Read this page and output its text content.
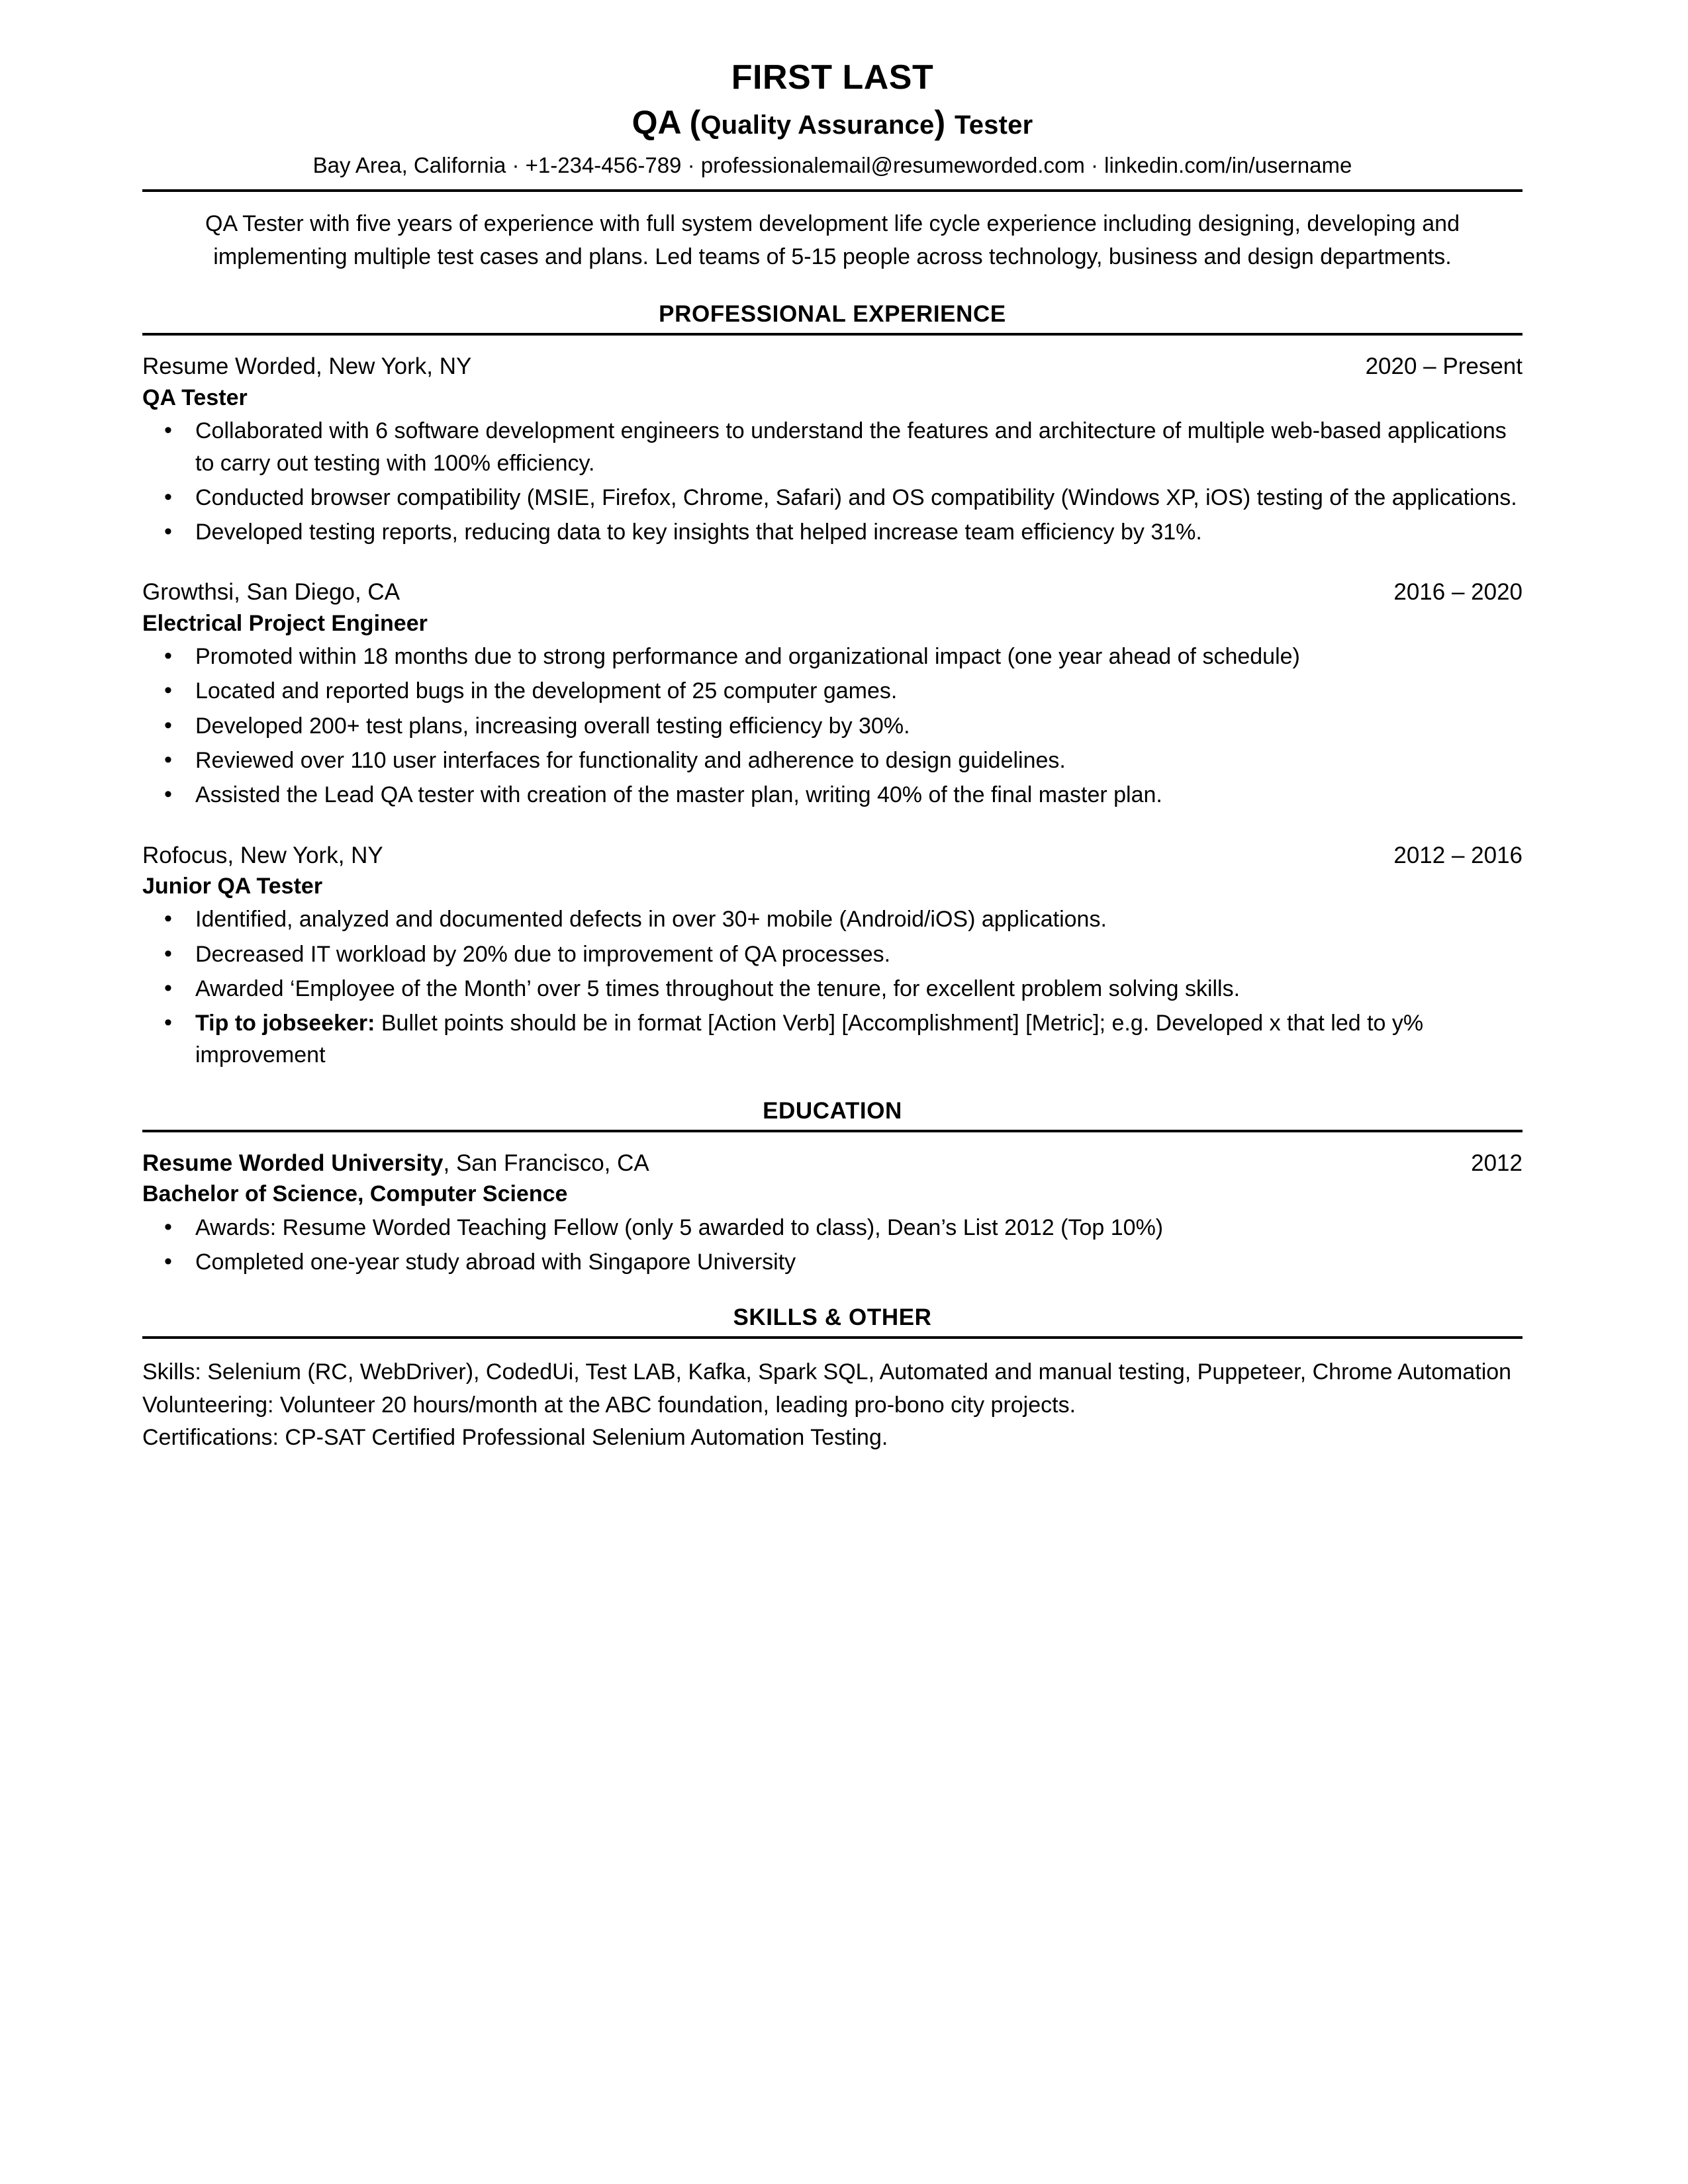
FIRST LAST
QA (Quality Assurance) Tester
Bay Area, California · +1-234-456-789 · professionalemail@resumeworded.com · linkedin.com/in/username
QA Tester with five years of experience with full system development life cycle experience including designing, developing and implementing multiple test cases and plans. Led teams of 5-15 people across technology, business and design departments.
PROFESSIONAL EXPERIENCE
Resume Worded, New York, NY	2020 – Present
QA Tester
• Collaborated with 6 software development engineers to understand the features and architecture of multiple web-based applications to carry out testing with 100% efficiency.
• Conducted browser compatibility (MSIE, Firefox, Chrome, Safari) and OS compatibility (Windows XP, iOS) testing of the applications.
• Developed testing reports, reducing data to key insights that helped increase team efficiency by 31%.
Growthsi, San Diego, CA	2016 – 2020
Electrical Project Engineer
• Promoted within 18 months due to strong performance and organizational impact (one year ahead of schedule)
• Located and reported bugs in the development of 25 computer games.
• Developed 200+ test plans, increasing overall testing efficiency by 30%.
• Reviewed over 110 user interfaces for functionality and adherence to design guidelines.
• Assisted the Lead QA tester with creation of the master plan, writing 40% of the final master plan.
Rofocus, New York, NY	2012 – 2016
Junior QA Tester
• Identified, analyzed and documented defects in over 30+ mobile (Android/iOS) applications.
• Decreased IT workload by 20% due to improvement of QA processes.
• Awarded ‘Employee of the Month’ over 5 times throughout the tenure, for excellent problem solving skills.
• Tip to jobseeker: Bullet points should be in format [Action Verb] [Accomplishment] [Metric]; e.g. Developed x that led to y% improvement
EDUCATION
Resume Worded University, San Francisco, CA	2012
Bachelor of Science, Computer Science
• Awards: Resume Worded Teaching Fellow (only 5 awarded to class), Dean’s List 2012 (Top 10%)
• Completed one-year study abroad with Singapore University
SKILLS & OTHER
Skills: Selenium (RC, WebDriver), CodedUi, Test LAB, Kafka, Spark SQL, Automated and manual testing, Puppeteer, Chrome Automation
Volunteering: Volunteer 20 hours/month at the ABC foundation, leading pro-bono city projects.
Certifications: CP-SAT Certified Professional Selenium Automation Testing.
